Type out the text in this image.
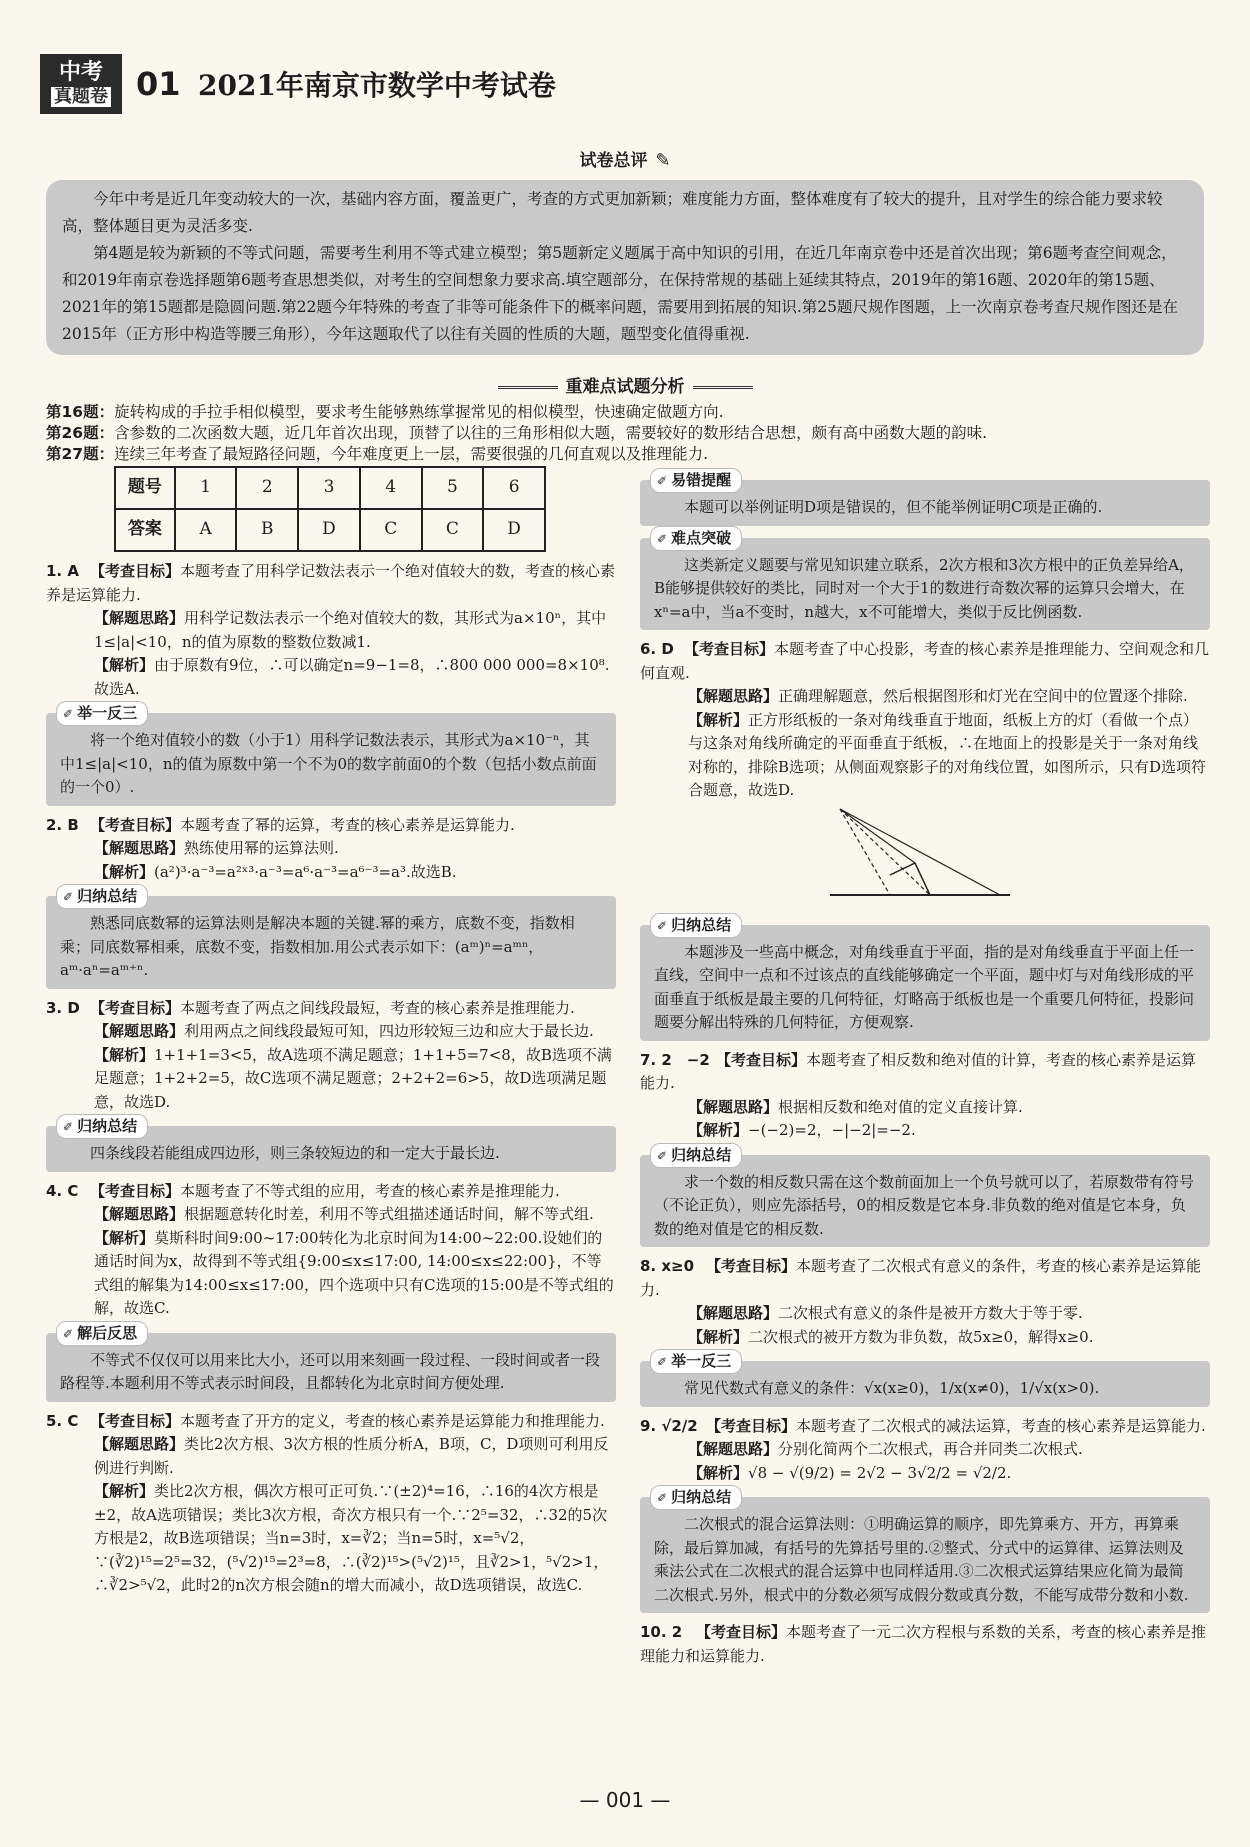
中考
真题卷 01 2021年南京市数学中考试卷
试卷总评 ✎

今年中考是近几年变动较大的一次，基础内容方面，覆盖更广，考查的方式更加新颖；难度能力方面，整体难度有了较大的提升，且对学生的综合能力要求较高，整体题目更为灵活多变.

第4题是较为新颖的不等式问题，需要考生利用不等式建立模型；第5题新定义题属于高中知识的引用，在近几年南京卷中还是首次出现；第6题考查空间观念，和2019年南京卷选择题第6题考查思想类似，对考生的空间想象力要求高.填空题部分，在保持常规的基础上延续其特点，2019年的第16题、2020年的第15题、2021年的第15题都是隐圆问题.第22题今年特殊的考查了非等可能条件下的概率问题，需要用到拓展的知识.第25题尺规作图题，上一次南京卷考查尺规作图还是在2015年（正方形中构造等腰三角形），今年这题取代了以往有关圆的性质的大题，题型变化值得重视.

重难点试题分析
第16题：旋转构成的手拉手相似模型，要求考生能够熟练掌握常见的相似模型，快速确定做题方向.
第26题：含参数的二次函数大题，近几年首次出现，顶替了以往的三角形相似大题，需要较好的数形结合思想，颇有高中函数大题的韵味.
第27题：连续三年考查了最短路径问题，今年难度更上一层，需要很强的几何直观以及推理能力.
题号	1	2	3	4	5	6
答案	A	B	D	C	C	D
1. A 【考查目标】本题考查了用科学记数法表示一个绝对值较大的数，考查的核心素养是运算能力.
【解题思路】用科学记数法表示一个绝对值较大的数，其形式为a×10ⁿ，其中1≤|a|<10，n的值为原数的整数位数减1.
【解析】由于原数有9位，∴可以确定n=9−1=8，∴800 000 000=8×10⁸.故选A.
✐ 举一反三
将一个绝对值较小的数（小于1）用科学记数法表示，其形式为a×10⁻ⁿ，其中1≤|a|<10，n的值为原数中第一个不为0的数字前面0的个数（包括小数点前面的一个0）.
2. B 【考查目标】本题考查了幂的运算，考查的核心素养是运算能力.
【解题思路】熟练使用幂的运算法则.
【解析】(a²)³·a⁻³=a²ˣ³·a⁻³=a⁶·a⁻³=a⁶⁻³=a³.故选B.
✐ 归纳总结
熟悉同底数幂的运算法则是解决本题的关键.幂的乘方，底数不变，指数相乘；同底数幂相乘，底数不变，指数相加.用公式表示如下：(aᵐ)ⁿ=aᵐⁿ，aᵐ·aⁿ=aᵐ⁺ⁿ.
3. D 【考查目标】本题考查了两点之间线段最短，考查的核心素养是推理能力.
【解题思路】利用两点之间线段最短可知，四边形较短三边和应大于最长边.
【解析】1+1+1=3<5，故A选项不满足题意；1+1+5=7<8，故B选项不满足题意；1+2+2=5，故C选项不满足题意；2+2+2=6>5，故D选项满足题意，故选D.
✐ 归纳总结
四条线段若能组成四边形，则三条较短边的和一定大于最长边.
4. C 【考查目标】本题考查了不等式组的应用，考查的核心素养是推理能力.
【解题思路】根据题意转化时差，利用不等式组描述通话时间，解不等式组.
【解析】莫斯科时间9:00~17:00转化为北京时间为14:00~22:00.设她们的通话时间为x，故得到不等式组{9:00≤x≤17:00, 14:00≤x≤22:00}，不等式组的解集为14:00≤x≤17:00，四个选项中只有C选项的15:00是不等式组的解，故选C.
✐ 解后反思
不等式不仅仅可以用来比大小，还可以用来刻画一段过程、一段时间或者一段路程等.本题利用不等式表示时间段，且都转化为北京时间方便处理.
5. C 【考查目标】本题考查了开方的定义，考查的核心素养是运算能力和推理能力.
【解题思路】类比2次方根、3次方根的性质分析A，B项，C，D项则可利用反例进行判断.
【解析】类比2次方根，偶次方根可正可负.∵(±2)⁴=16，∴16的4次方根是±2，故A选项错误；类比3次方根，奇次方根只有一个.∵2⁵=32，∴32的5次方根是2，故B选项错误；当n=3时，x=∛2；当n=5时，x=⁵√2，∵(∛2)¹⁵=2⁵=32，(⁵√2)¹⁵=2³=8，∴(∛2)¹⁵>(⁵√2)¹⁵，且∛2>1，⁵√2>1，∴∛2>⁵√2，此时2的n次方根会随n的增大而减小，故D选项错误，故选C.
✐ 易错提醒
本题可以举例证明D项是错误的，但不能举例证明C项是正确的.
✐ 难点突破
这类新定义题要与常见知识建立联系，2次方根和3次方根中的正负差异给A，B能够提供较好的类比，同时对一个大于1的数进行奇数次幂的运算只会增大，在xⁿ=a中，当a不变时，n越大，x不可能增大，类似于反比例函数.
6. D 【考查目标】本题考查了中心投影，考查的核心素养是推理能力、空间观念和几何直观.
【解题思路】正确理解题意，然后根据图形和灯光在空间中的位置逐个排除.
【解析】正方形纸板的一条对角线垂直于地面，纸板上方的灯（看做一个点）与这条对角线所确定的平面垂直于纸板，∴在地面上的投影是关于一条对角线对称的，排除B选项；从侧面观察影子的对角线位置，如图所示，只有D选项符合题意，故选D.
✐ 归纳总结
本题涉及一些高中概念，对角线垂直于平面，指的是对角线垂直于平面上任一直线，空间中一点和不过该点的直线能够确定一个平面，题中灯与对角线形成的平面垂直于纸板是最主要的几何特征，灯略高于纸板也是一个重要几何特征，投影问题要分解出特殊的几何特征，方便观察.
7. 2　−2 【考查目标】本题考查了相反数和绝对值的计算，考查的核心素养是运算能力.
【解题思路】根据相反数和绝对值的定义直接计算.
【解析】−(−2)=2，−|−2|=−2.
✐ 归纳总结
求一个数的相反数只需在这个数前面加上一个负号就可以了，若原数带有符号（不论正负），则应先添括号，0的相反数是它本身.非负数的绝对值是它本身，负数的绝对值是它的相反数.
8. x≥0 【考查目标】本题考查了二次根式有意义的条件，考查的核心素养是运算能力.
【解题思路】二次根式有意义的条件是被开方数大于等于零.
【解析】二次根式的被开方数为非负数，故5x≥0，解得x≥0.
✐ 举一反三
常见代数式有意义的条件：√x(x≥0)，1/x(x≠0)，1/√x(x>0).
9. √2/2 【考查目标】本题考查了二次根式的减法运算，考查的核心素养是运算能力.
【解题思路】分别化简两个二次根式，再合并同类二次根式.
【解析】√8 − √(9/2) = 2√2 − 3√2/2 = √2/2.
✐ 归纳总结
二次根式的混合运算法则：①明确运算的顺序，即先算乘方、开方，再算乘除，最后算加减，有括号的先算括号里的.②整式、分式中的运算律、运算法则及乘法公式在二次根式的混合运算中也同样适用.③二次根式运算结果应化简为最简二次根式.另外，根式中的分数必须写成假分数或真分数，不能写成带分数和小数.
10. 2 【考查目标】本题考查了一元二次方程根与系数的关系，考查的核心素养是推理能力和运算能力.
— 001 —
